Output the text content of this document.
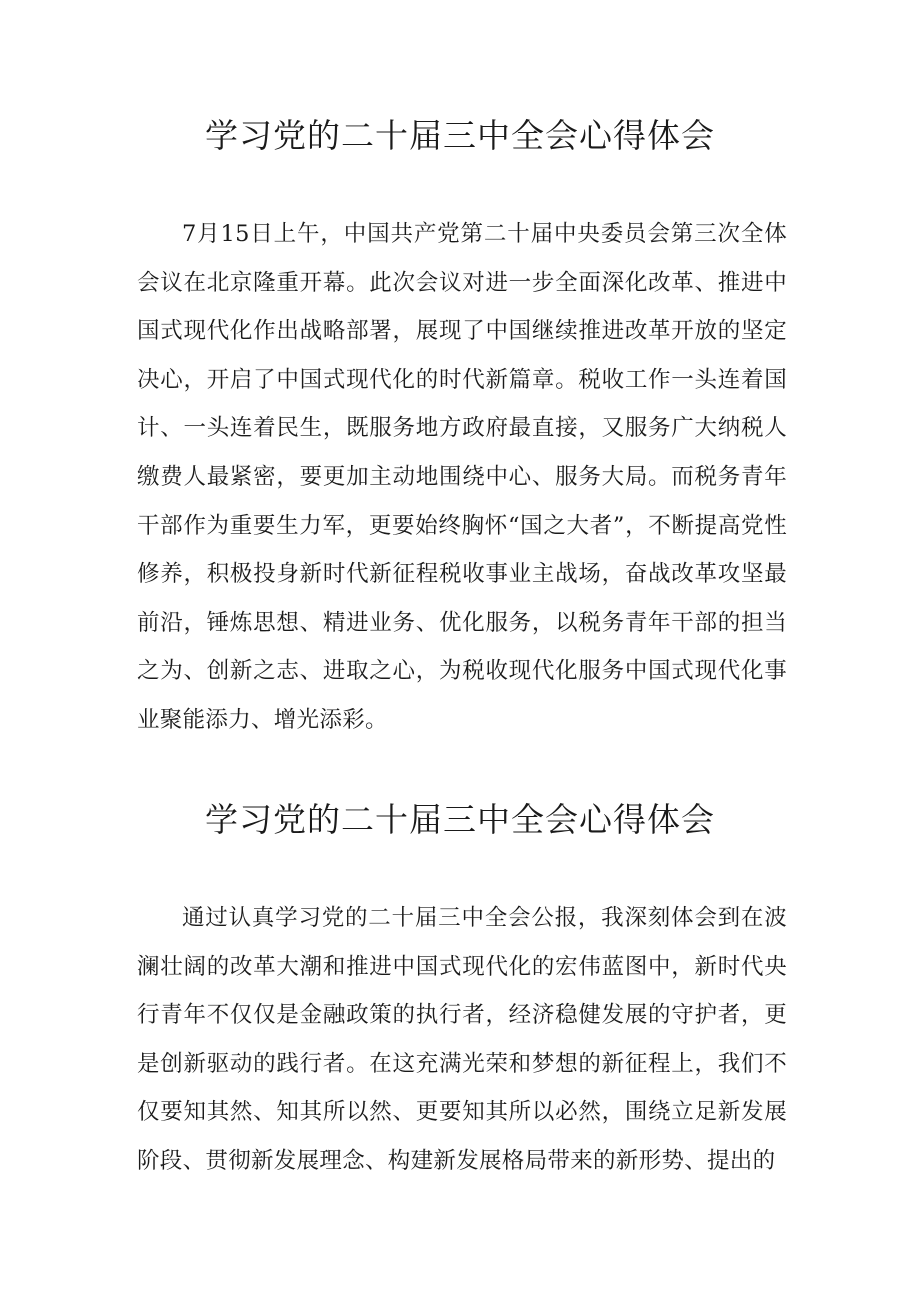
学习党的二十届三中全会心得体会

7月15日上午，中国共产党第二十届中央委员会第三次全体会议在北京隆重开幕。此次会议对进一步全面深化改革、推进中国式现代化作出战略部署，展现了中国继续推进改革开放的坚定决心，开启了中国式现代化的时代新篇章。税收工作一头连着国计、一头连着民生，既服务地方政府最直接，又服务广大纳税人缴费人最紧密，要更加主动地围绕中心、服务大局。而税务青年干部作为重要生力军，更要始终胸怀“国之大者”，不断提高党性修养，积极投身新时代新征程税收事业主战场，奋战改革攻坚最前沿，锤炼思想、精进业务、优化服务，以税务青年干部的担当之为、创新之志、进取之心，为税收现代化服务中国式现代化事业聚能添力、增光添彩。

学习党的二十届三中全会心得体会

通过认真学习党的二十届三中全会公报，我深刻体会到在波澜壮阔的改革大潮和推进中国式现代化的宏伟蓝图中，新时代央行青年不仅仅是金融政策的执行者，经济稳健发展的守护者，更是创新驱动的践行者。在这充满光荣和梦想的新征程上，我们不仅要知其然、知其所以然、更要知其所以必然，围绕立足新发展阶段、贯彻新发展理念、构建新发展格局带来的新形势、提出的
